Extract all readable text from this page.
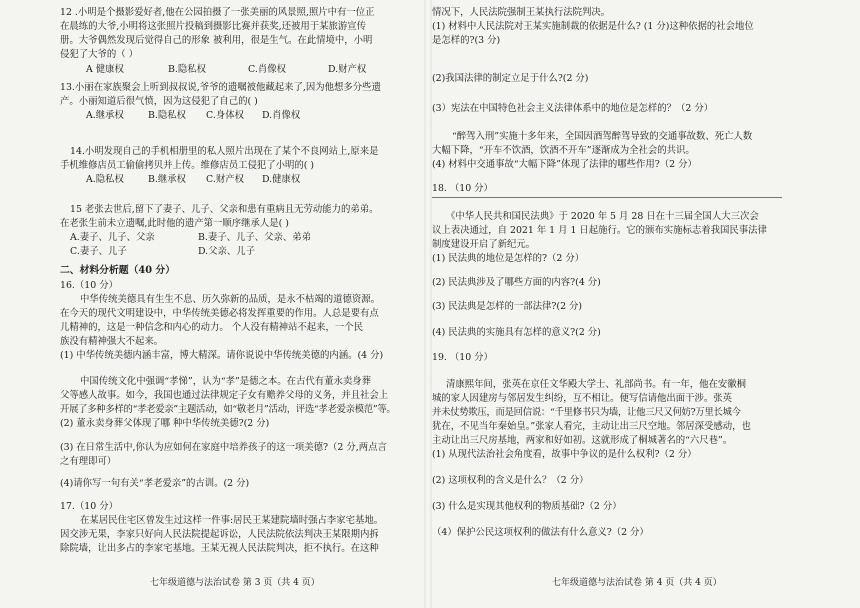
12 .小明是个摄影爱好者,他在公园拍摄了一张美丽的风景照,照片中有一位正

在晨练的大爷,小明将这张照片投稿到摄影比赛并获奖,还被用于某旅游宣传

册。大爷偶然发现后觉得自己的形象 被利用，很是生气。在此情境中，小明

侵犯了大爷的（ ）

A 健康权	B.隐私权	C.肖像权	D.财产权

13.小丽在家族聚会上听到叔叔说,爷爷的遗嘱被他藏起来了,因为他想多分些遗

产。小丽知道后很气愤，因为这侵犯了自己的( )

A.继承权	B.隐私权 C.身体权 D.肖像权

14.小明发现自己的手机相册里的私人照片出现在了某个不良网站上,原来是

手机维修店员工偷偷拷贝并上传。维修店员工侵犯了小明的( )

A.隐私权	B.继承权 C.财产权 D.健康权

15 老张去世后,留下了妻子、儿子、父亲和患有重病且无劳动能力的弟弟。

在老张生前未立遗嘱,此时他的遗产第一顺序继承人是( )

A.妻子、儿子、父亲	B.妻子、儿子、父亲、弟弟

C.妻子、儿子	D.父亲、儿子

二、材料分析题（40 分）

16.（10 分）

中华传统美德具有生生不息、历久弥新的品质，是永不枯竭的道德资源。

在今天的现代文明建设中，中华传统美德必将发挥重要的作用。人总是要有点

儿精神的，这是一种信念和内心的动力。 个人没有精神站不起来，一个民

族没有精神强大不起来。

(1) 中华传统美德内涵丰富，博大精深。请你说说中华传统美德的内涵。(4 分)

中国传统文化中强调“孝悌”，认为“孝”是德之本。在古代有董永卖身葬

父等感人故事。如今，我国也通过法律规定子女有赡养父母的义务，并且社会上

开展了多种多样的“孝老爱亲”主题活动，如“敬老月”活动，评选“孝老爱亲模范”等。

(2) 董永卖身葬父体现了哪 种中华传统美德?(2 分)

(3) 在日常生活中,你认为应如何在家庭中培养孩子的这一项美德?（2 分,两点言

之有理即可）

(4)请你写一句有关“孝老爱亲”的古训。(2 分)

17.（10 分）

在某居民住宅区曾发生过这样一件事:居民王某建院墙时强占李家宅基地。

因交涉无果，李家只好向人民法院提起诉讼，人民法院依法判决王某限期内拆

除院墙，让出多占的李家宅基地。王某无视人民法院判决，拒不执行。在这种

七年级道德与法治试卷 第 3 页（共 4 页）

情况下，人民法院强制王某执行法院判决。

(1) 材料中人民法院对王某实施制裁的依据是什么? (1 分)这种依据的社会地位

是怎样的?(3 分)

(2)我国法律的制定立足于什么?(2 分)

(3）宪法在中国特色社会主义法律体系中的地位是怎样的？（2 分）

“醉驾入刑”实施十多年来，全国因酒驾醉驾导致的交通事故数、死亡人数

大幅下降，“开车不饮酒，饮酒不开车”逐渐成为全社会的共识。

(4) 材料中交通事故“大幅下降”体现了法律的哪些作用?（2 分）

18. （10 分）

《中华人民共和国民法典》于 2020 年 5 月 28 日在十三届全国人大三次会

议上表决通过，自 2021 年 1 月 1 日起施行。它的颁布实施标志着我国民事法律

制度建设开启了新纪元。

(1) 民法典的地位是怎样的?（2 分）

(2) 民法典涉及了哪些方面的内容?(4 分)

(3) 民法典是怎样的一部法律?(2 分)

(4) 民法典的实施具有怎样的意义?(2 分)

19. （10 分）

清康熙年间，张英在京任文华殿大学士、礼部尚书。有一年，他在安徽桐

城的家人因建房与邻居发生纠纷，互不相让。便写信请他出面干涉。张英

并未仗势欺压，而是回信说：“千里修书只为墙，让他三尺又何妨?万里长城今

犹在，不见当年秦始皇。”张家人看完，主动让出三尺空地。邻居深受感动，也

主动让出三尺房基地，两家和好如初。这就形成了桐城著名的“六尺巷”。

(1) 从现代法治社会角度看，故事中争议的是什么权利?（2 分）

(2) 这项权利的含义是什么？（2 分）

(3) 什么是实现其他权利的物质基础?（2 分）

（4）保护公民这项权利的做法有什么意义?（2 分）

七年级道德与法治试卷 第 4 页（共 4 页）
